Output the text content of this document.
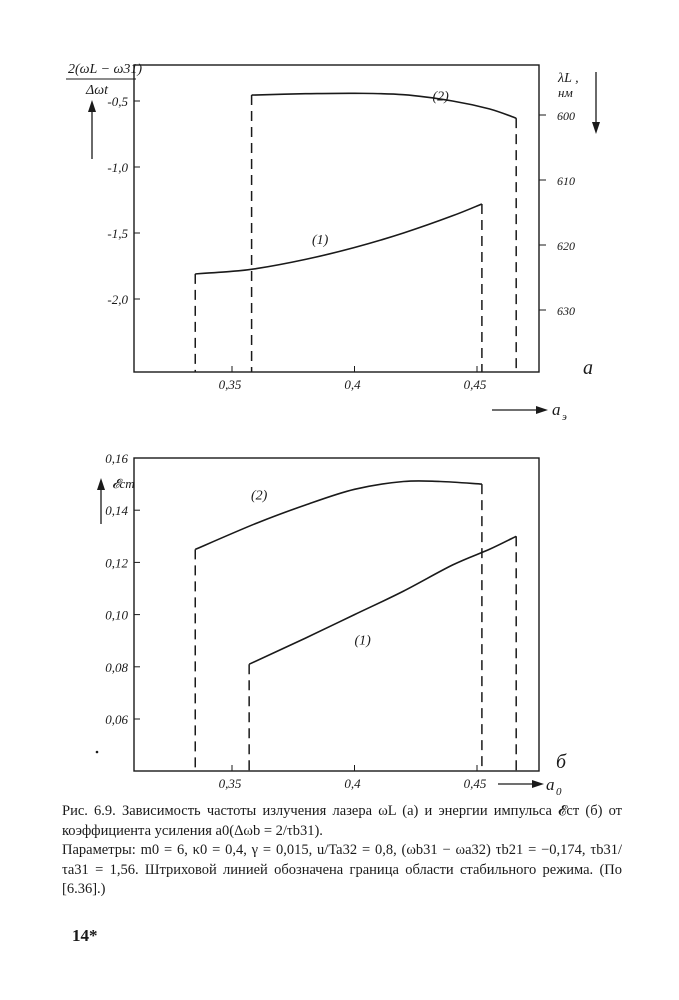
2(ωL − ω31)
Δωt
λL ,
нм
а
a э
0,35	0,4	0,45
-0,5
-1,0
-1,5
-2,0
600
610
620
630
(1)
(2)
𝓔ст
б
a 0
0,35	0,4	0,45
0,16
0,14
0,12
0,10
0,08
0,06
(1)
(2)

Рис. 6.9. Зависимость частоты излучения лазера ωL (а) и энергии импульса 𝓔ст (б) от коэффициента усиления a0(Δωb = 2/τb31).

Параметры: m0 = 6, κ0 = 0,4, γ = 0,015, u/Ta32 = 0,8, (ωb31 − ωa32) τb21 = −0,174, τb31/τa31 = 1,56. Штриховой линией обозначена граница области стабильного режима. (По [6.36].)

14*
